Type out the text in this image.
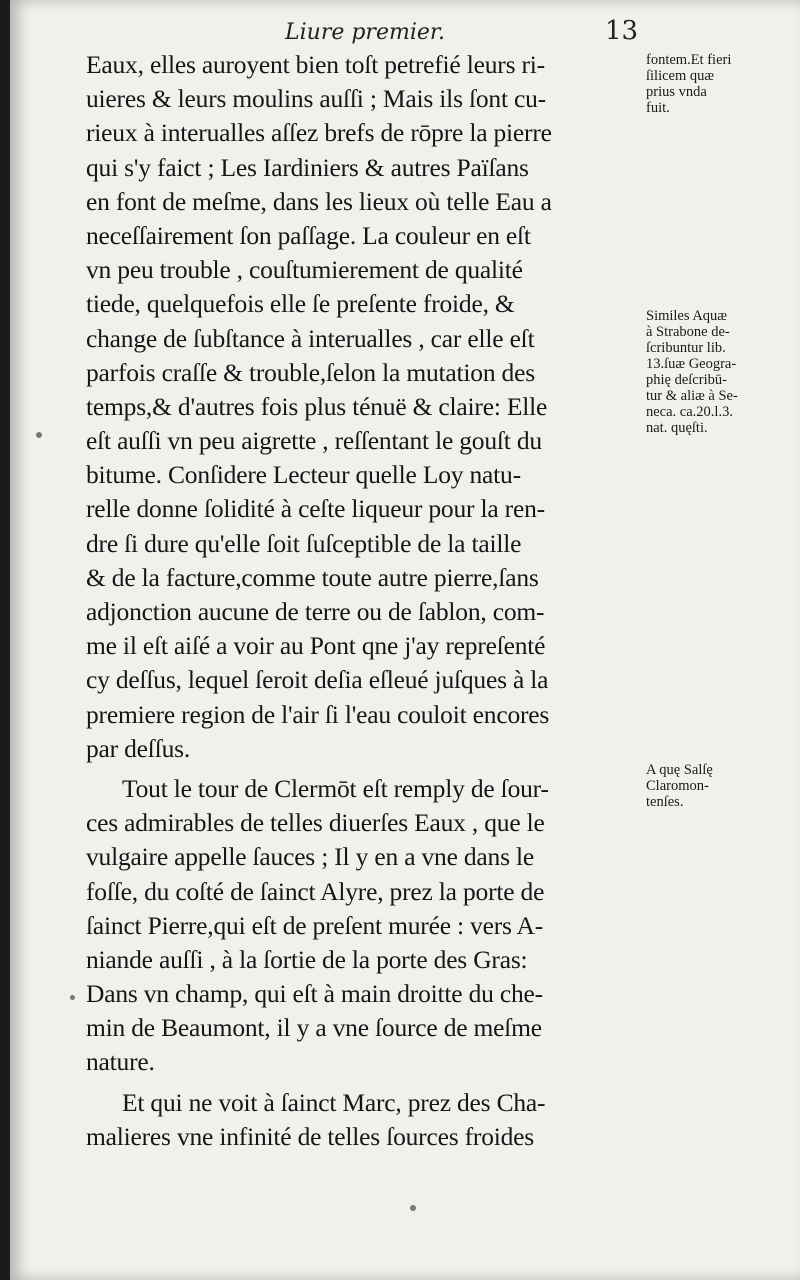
Liure premier.	13
Eaux, elles auroyent bien toſt petrefié leurs ri-
uieres & leurs moulins auſſi ; Mais ils ſont cu-
rieux à interualles aſſez brefs de rōpre la pierre
qui s'y faict ; Les Iardiniers & autres Païſans
en font de meſme, dans les lieux où telle Eau a
neceſſairement ſon paſſage. La couleur en eſt
vn peu trouble , couſtumierement de qualité
tiede, quelquefois elle ſe preſente froide, &
change de ſubſtance à interualles , car elle eſt
parfois craſſe & trouble,ſelon la mutation des
temps,& d'autres fois plus ténuë & claire: Elle
eſt auſſi vn peu aigrette , reſſentant le gouſt du
bitume. Conſidere Lecteur quelle Loy natu-
relle donne ſolidité à ceſte liqueur pour la ren-
dre ſi dure qu'elle ſoit ſuſceptible de la taille
& de la facture,comme toute autre pierre,ſans
adjonction aucune de terre ou de ſablon, com-
me il eſt aiſé a voir au Pont qne j'ay repreſenté
cy deſſus, lequel ſeroit deſia eſleué juſques à la
premiere region de l'air ſi l'eau couloit encores
par deſſus.
Tout le tour de Clermōt eſt remply de ſour-
ces admirables de telles diuerſes Eaux , que le
vulgaire appelle ſauces ; Il y en a vne dans le
foſſe, du coſté de ſainct Alyre, prez la porte de
ſainct Pierre,qui eſt de preſent murée : vers A-
niande auſſi , à la ſortie de la porte des Gras:
Dans vn champ, qui eſt à main droitte du che-
min de Beaumont, il y a vne ſource de meſme
nature.
Et qui ne voit à ſainct Marc, prez des Cha-
malieres vne infinité de telles ſources froides
fontem.Et fieri
ſilicem quæ
prius vnda
fuit.
Similes Aquæ
à Strabone de-
ſcribuntur lib.
13.ſuæ Geogra-
phię deſcribū-
tur & aliæ à Se-
neca. ca.20.l.3.
nat. quęſti.
A quę Salſę
Claromon-
tenſes.
